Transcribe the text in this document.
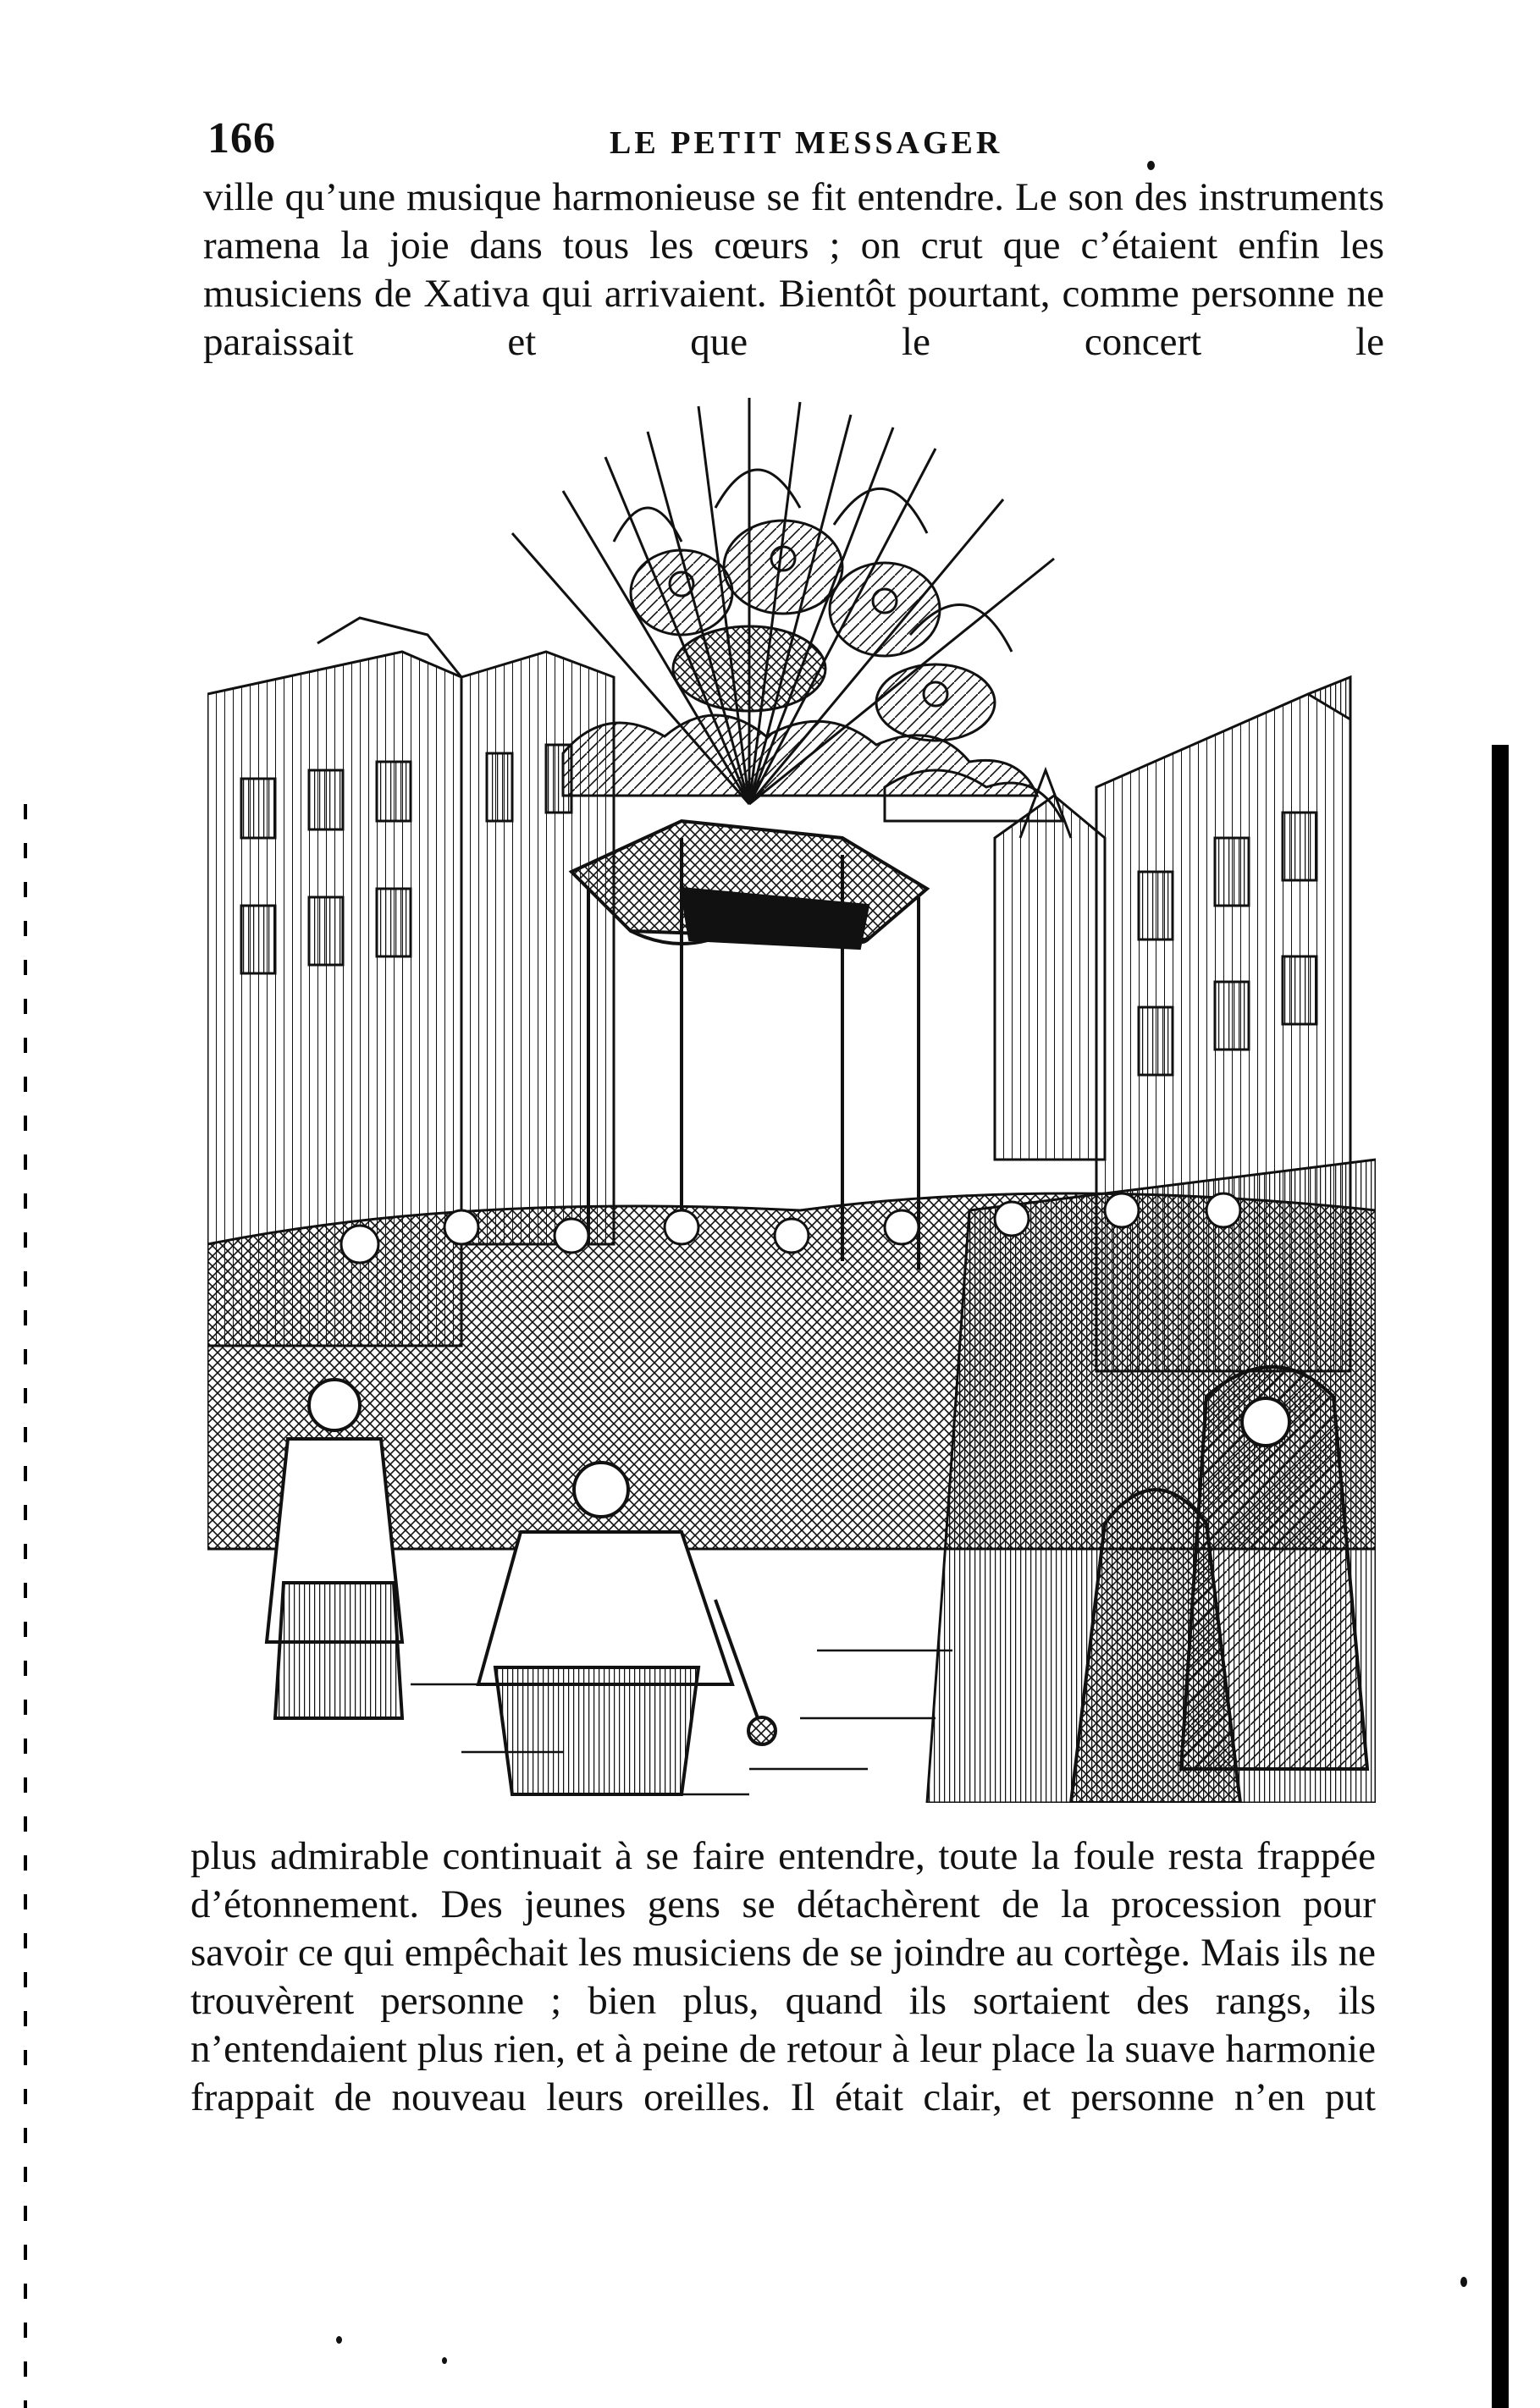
166	LE PETIT MESSAGER

ville qu’une musique harmonieuse se fit entendre. Le son des instruments ramena la joie dans tous les cœurs ; on crut que c’étaient enfin les musiciens de Xativa qui arrivaient. Bientôt pourtant, comme personne ne paraissait et que le concert le

plus admirable continuait à se faire entendre, toute la foule resta frappée d’étonnement. Des jeunes gens se détachèrent de la procession pour savoir ce qui empêchait les musiciens de se joindre au cortège. Mais ils ne trouvèrent personne ; bien plus, quand ils sortaient des rangs, ils n’entendaient plus rien, et à peine de retour à leur place la suave harmonie frappait de nouveau leurs oreilles. Il était clair, et personne n’en put
